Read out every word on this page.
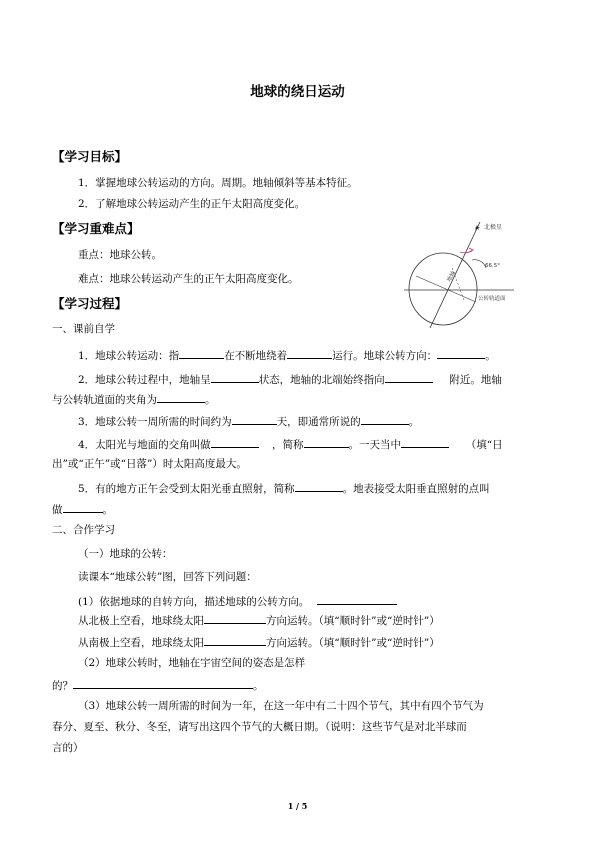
地球的绕日运动
【学习目标】
1．掌握地球公转运动的方向。周期。地轴倾斜等基本特征。
2．了解地球公转运动产生的正午太阳高度变化。
【学习重难点】
重点：地球公转。
难点：地球公转运动产生的正午太阳高度变化。
北极星
66.5°
地轴
公转轨道面
【学习过程】
一、课前自学
1．地球公转运动：指	在不断地绕着	运行。地球公转方向：	。
2．地球公转过程中，地轴呈	状态，地轴的北端始终指向	附近。地轴
与公转轨道面的夹角为	。
3．地球公转一周所需的时间约为	天，即通常所说的	。
4．太阳光与地面的交角叫做	，简称	。一天当中	（填“日
出”或“正午”或“日落”）时太阳高度最大。
5．有的地方正午会受到太阳光垂直照射，简称	。地表接受太阳垂直照射的点叫
做	。
二、合作学习
（一）地球的公转：
读课本“地球公转”图，回答下列问题：
(1）依据地球的自转方向，描述地球的公转方向。
从北极上空看，地球绕太阳	方向运转。（填“顺时针”或“逆时针”）
从南极上空看，地球绕太阳	方向运转。（填“顺时针”或“逆时针”）
（2）地球公转时，地轴在宇宙空间的姿态是怎样
的？	。
（3）地球公转一周所需的时间为一年，在这一年中有二十四个节气，其中有四个节气为
春分、夏至、秋分、冬至，请写出这四个节气的大概日期。（说明：这些节气是对北半球而
言的）
1 / 5
